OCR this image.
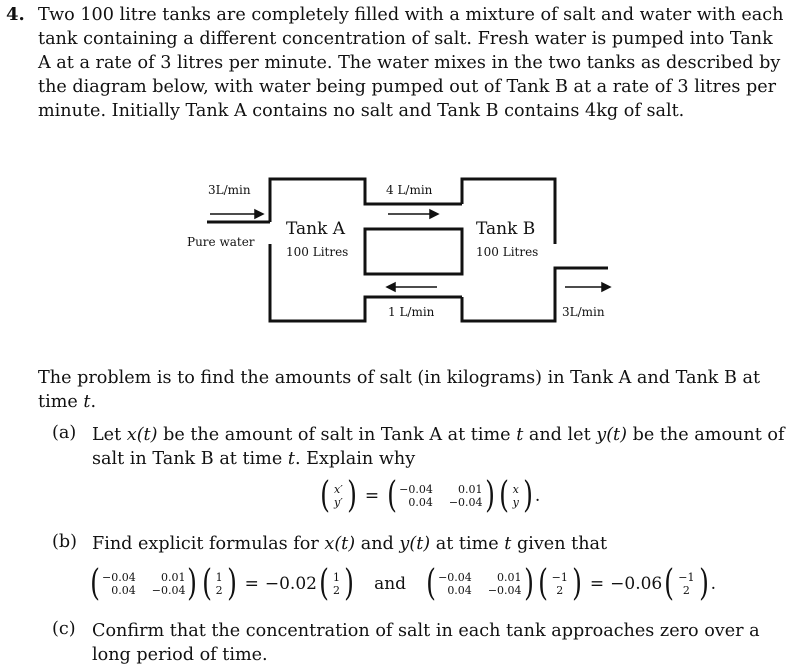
4. Two 100 litre tanks are completely filled with a mixture of salt and water with each tank containing a different concentration of salt. Fresh water is pumped into Tank A at a rate of 3 litres per minute. The water mixes in the two tanks as described by the diagram below, with water being pumped out of Tank B at a rate of 3 litres per minute. Initially Tank A contains no salt and Tank B contains 4kg of salt.

3L/min
Pure water
4 L/min
Tank A
100 Litres
Tank B
100 Litres
1 L/min	3L/min

The problem is to find the amounts of salt (in kilograms) in Tank A and Tank B at time t.

(a) Let x(t) be the amount of salt in Tank A at time t and let y(t) be the amount of salt in Tank B at time t. Explain why

( x′
y′ ) = ( −0.04	0.01
0.04 −0.04 ) ( x
y ) .
(b) Find explicit formulas for x(t) and y(t) at time t given that

( −0.04	0.01
0.04 −0.04 ) ( 1
2 ) = −0.02 ( 1
2 ) and ( −0.04	0.01
0.04 −0.04 ) ( −1
2 ) = −0.06 ( −1
2 ) .
(c) Confirm that the concentration of salt in each tank approaches zero over a long period of time.
